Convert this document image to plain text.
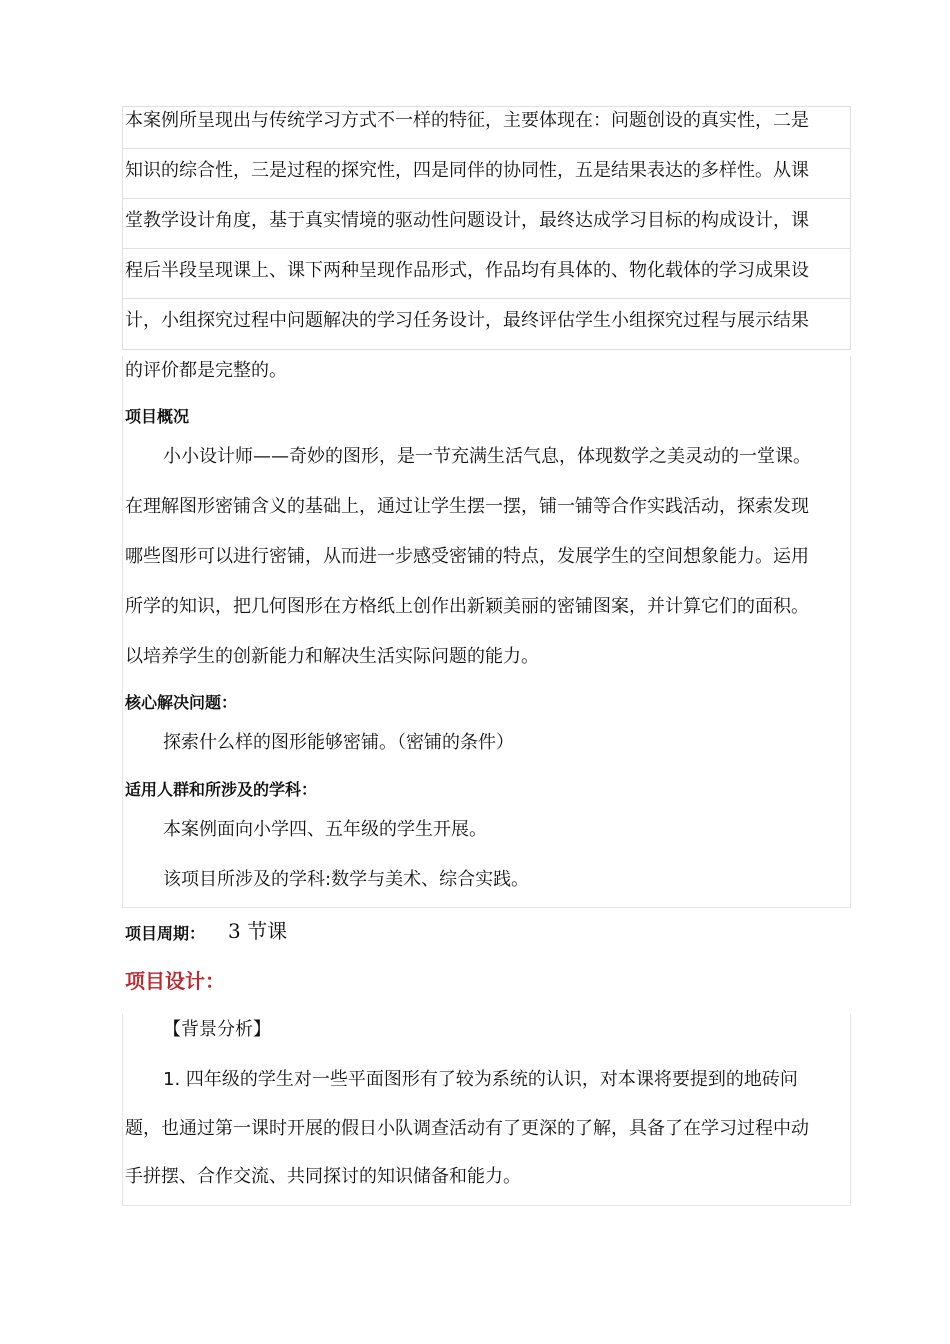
本案例所呈现出与传统学习方式不一样的特征，主要体现在：问题创设的真实性，二是
知识的综合性，三是过程的探究性，四是同伴的协同性，五是结果表达的多样性。从课
堂教学设计角度，基于真实情境的驱动性问题设计，最终达成学习目标的构成设计，课
程后半段呈现课上、课下两种呈现作品形式，作品均有具体的、物化载体的学习成果设
计，小组探究过程中问题解决的学习任务设计，最终评估学生小组探究过程与展示结果
的评价都是完整的。
项目概况
小小设计师——奇妙的图形，是一节充满生活气息，体现数学之美灵动的一堂课。
在理解图形密铺含义的基础上，通过让学生摆一摆，铺一铺等合作实践活动，探索发现
哪些图形可以进行密铺，从而进一步感受密铺的特点，发展学生的空间想象能力。运用
所学的知识，把几何图形在方格纸上创作出新颖美丽的密铺图案，并计算它们的面积。
以培养学生的创新能力和解决生活实际问题的能力。
核心解决问题：
探索什么样的图形能够密铺。（密铺的条件）
适用人群和所涉及的学科：
本案例面向小学四、五年级的学生开展。
该项目所涉及的学科:数学与美术、综合实践。
项目周期： 3 节课
项目设计：
【背景分析】
1. 四年级的学生对一些平面图形有了较为系统的认识，对本课将要提到的地砖问
题，也通过第一课时开展的假日小队调查活动有了更深的了解，具备了在学习过程中动
手拼摆、合作交流、共同探讨的知识储备和能力。
